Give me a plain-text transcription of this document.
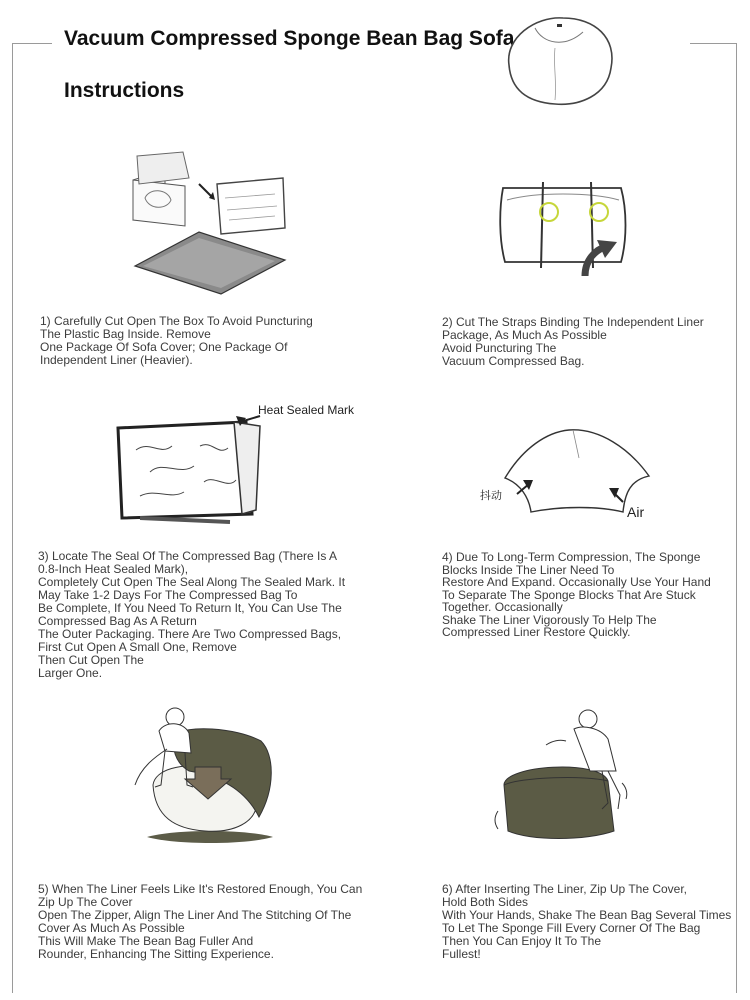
Vacuum Compressed Sponge Bean Bag Sofa
Instructions
Heat Sealed Mark
抖动
Air
1) Carefully Cut Open The Box To Avoid Puncturing
The Plastic Bag Inside. Remove
One Package Of Sofa Cover; One Package Of
Independent Liner (Heavier).
2) Cut The Straps Binding The Independent Liner
Package, As Much As Possible
Avoid Puncturing The
Vacuum Compressed Bag.
3) Locate The Seal Of The Compressed Bag (There Is A
0.8-Inch Heat Sealed Mark),
Completely Cut Open The Seal Along The Sealed Mark. It
May Take 1-2 Days For The Compressed Bag To
Be Complete, If You Need To Return It, You Can Use The
Compressed Bag As A Return
The Outer Packaging. There Are Two Compressed Bags,
First Cut Open A Small One, Remove
Then Cut Open The
Larger One.
4) Due To Long-Term Compression, The Sponge
Blocks Inside The Liner Need To
Restore And Expand. Occasionally Use Your Hand
To Separate The Sponge Blocks That Are Stuck
Together. Occasionally
Shake The Liner Vigorously To Help The
Compressed Liner Restore Quickly.
5) When The Liner Feels Like It's Restored Enough, You Can
Zip Up The Cover
Open The Zipper, Align The Liner And The Stitching Of The
Cover As Much As Possible
This Will Make The Bean Bag Fuller And
Rounder, Enhancing The Sitting Experience.
6) After Inserting The Liner, Zip Up The Cover,
Hold Both Sides
With Your Hands, Shake The Bean Bag Several Times
To Let The Sponge Fill Every Corner Of The Bag
Then You Can Enjoy It To The
Fullest!
